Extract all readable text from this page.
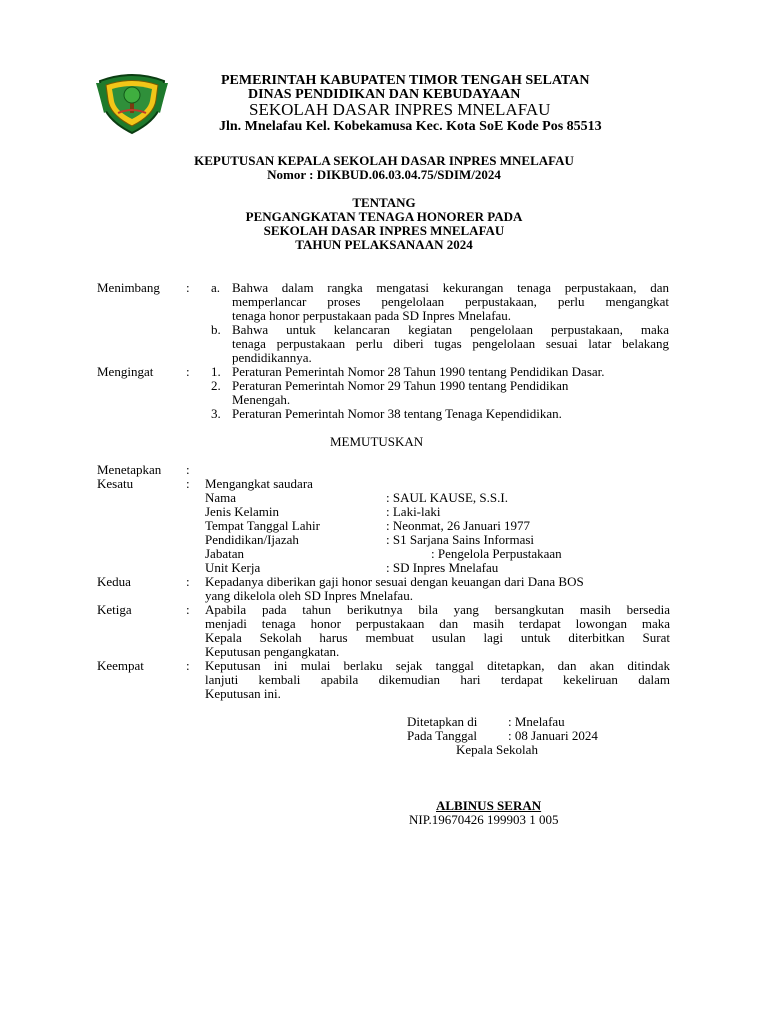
PEMERINTAH KABUPATEN TIMOR TENGAH SELATAN
DINAS PENDIDIKAN DAN KEBUDAYAAN
SEKOLAH DASAR INPRES MNELAFAU
Jln. Mnelafau Kel. Kobekamusa Kec. Kota SoE Kode Pos 85513
KEPUTUSAN KEPALA SEKOLAH DASAR INPRES MNELAFAU
Nomor : DIKBUD.06.03.04.75/SDIM/2024
TENTANG
PENGANGKATAN TENAGA HONORER PADA
SEKOLAH DASAR INPRES MNELAFAU
TAHUN PELAKSANAAN 2024
Menimbang : a. Bahwa dalam rangka mengatasi kekurangan tenaga perpustakaan, dan
memperlancar proses pengelolaan perpustakaan, perlu mengangkat
tenaga honor perpustakaan pada SD Inpres Mnelafau.
b. Bahwa untuk kelancaran kegiatan pengelolaan perpustakaan, maka
tenaga perpustakaan perlu diberi tugas pengelolaan sesuai latar belakang
pendidikannya.
Mengingat	: 1. Peraturan Pemerintah Nomor 28 Tahun 1990 tentang Pendidikan Dasar.
2. Peraturan Pemerintah Nomor 29 Tahun 1990 tentang Pendidikan
Menengah.
3. Peraturan Pemerintah Nomor 38 tentang Tenaga Kependidikan.
MEMUTUSKAN
Menetapkan :
Kesatu	: Mengangkat saudara
Nama	: SAUL KAUSE, S.S.I.
Jenis Kelamin	: Laki-laki
Tempat Tanggal Lahir	: Neonmat, 26 Januari 1977
Pendidikan/Ijazah	: S1 Sarjana Sains Informasi
Jabatan	: Pengelola Perpustakaan
Unit Kerja	: SD Inpres Mnelafau
Kedua	: Kepadanya diberikan gaji honor sesuai dengan keuangan dari Dana BOS
yang dikelola oleh SD Inpres Mnelafau.
Ketiga	: Apabila pada tahun berikutnya bila yang bersangkutan masih bersedia
menjadi tenaga honor perpustakaan dan masih terdapat lowongan maka
Kepala Sekolah harus membuat usulan lagi untuk diterbitkan Surat
Keputusan pengangkatan.
Keempat	: Keputusan ini mulai berlaku sejak tanggal ditetapkan, dan akan ditindak
lanjuti kembali apabila dikemudian hari terdapat kekeliruan dalam
Keputusan ini.
Ditetapkan di : Mnelafau
Pada Tanggal : 08 Januari 2024
Kepala Sekolah
ALBINUS SERAN
NIP.19670426 199903 1 005
